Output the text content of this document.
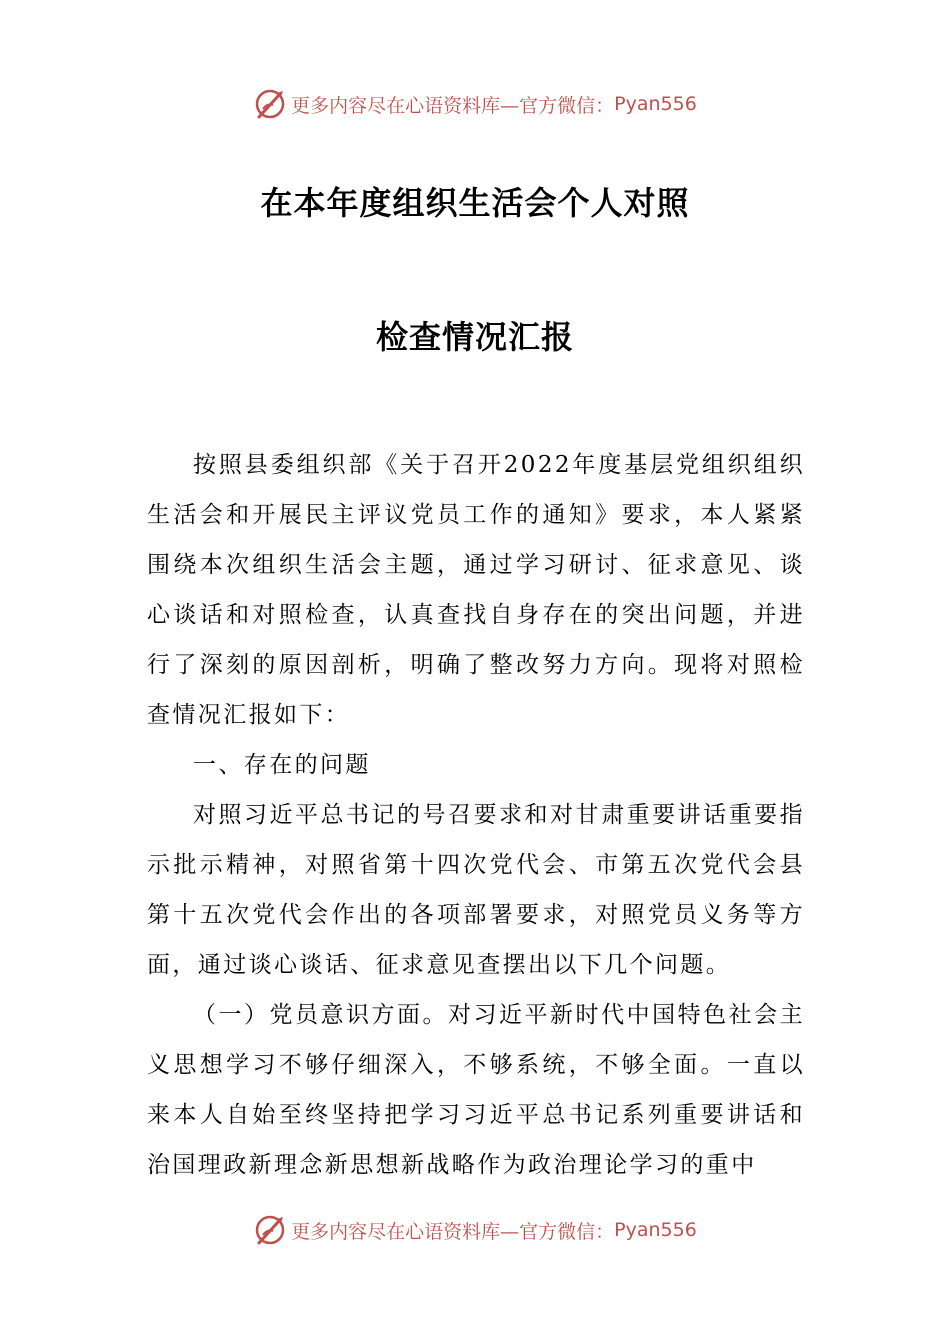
更多内容尽在心语资料库—官方微信： Pyan556
在本年度组织生活会个人对照
检查情况汇报

按照县委组织部《关于召开2022年度基层党组织组织生活会和开展民主评议党员工作的通知》要求，本人紧紧围绕本次组织生活会主题，通过学习研讨、征求意见、谈心谈话和对照检查，认真查找自身存在的突出问题，并进行了深刻的原因剖析，明确了整改努力方向。现将对照检查情况汇报如下：

一、存在的问题

对照习近平总书记的号召要求和对甘肃重要讲话重要指示批示精神，对照省第十四次党代会、市第五次党代会县第十五次党代会作出的各项部署要求，对照党员义务等方面，通过谈心谈话、征求意见查摆出以下几个问题。

（一）党员意识方面。对习近平新时代中国特色社会主义思想学习不够仔细深入，不够系统，不够全面。一直以来本人自始至终坚持把学习习近平总书记系列重要讲话和治国理政新理念新思想新战略作为政治理论学习的重中

更多内容尽在心语资料库—官方微信： Pyan556
